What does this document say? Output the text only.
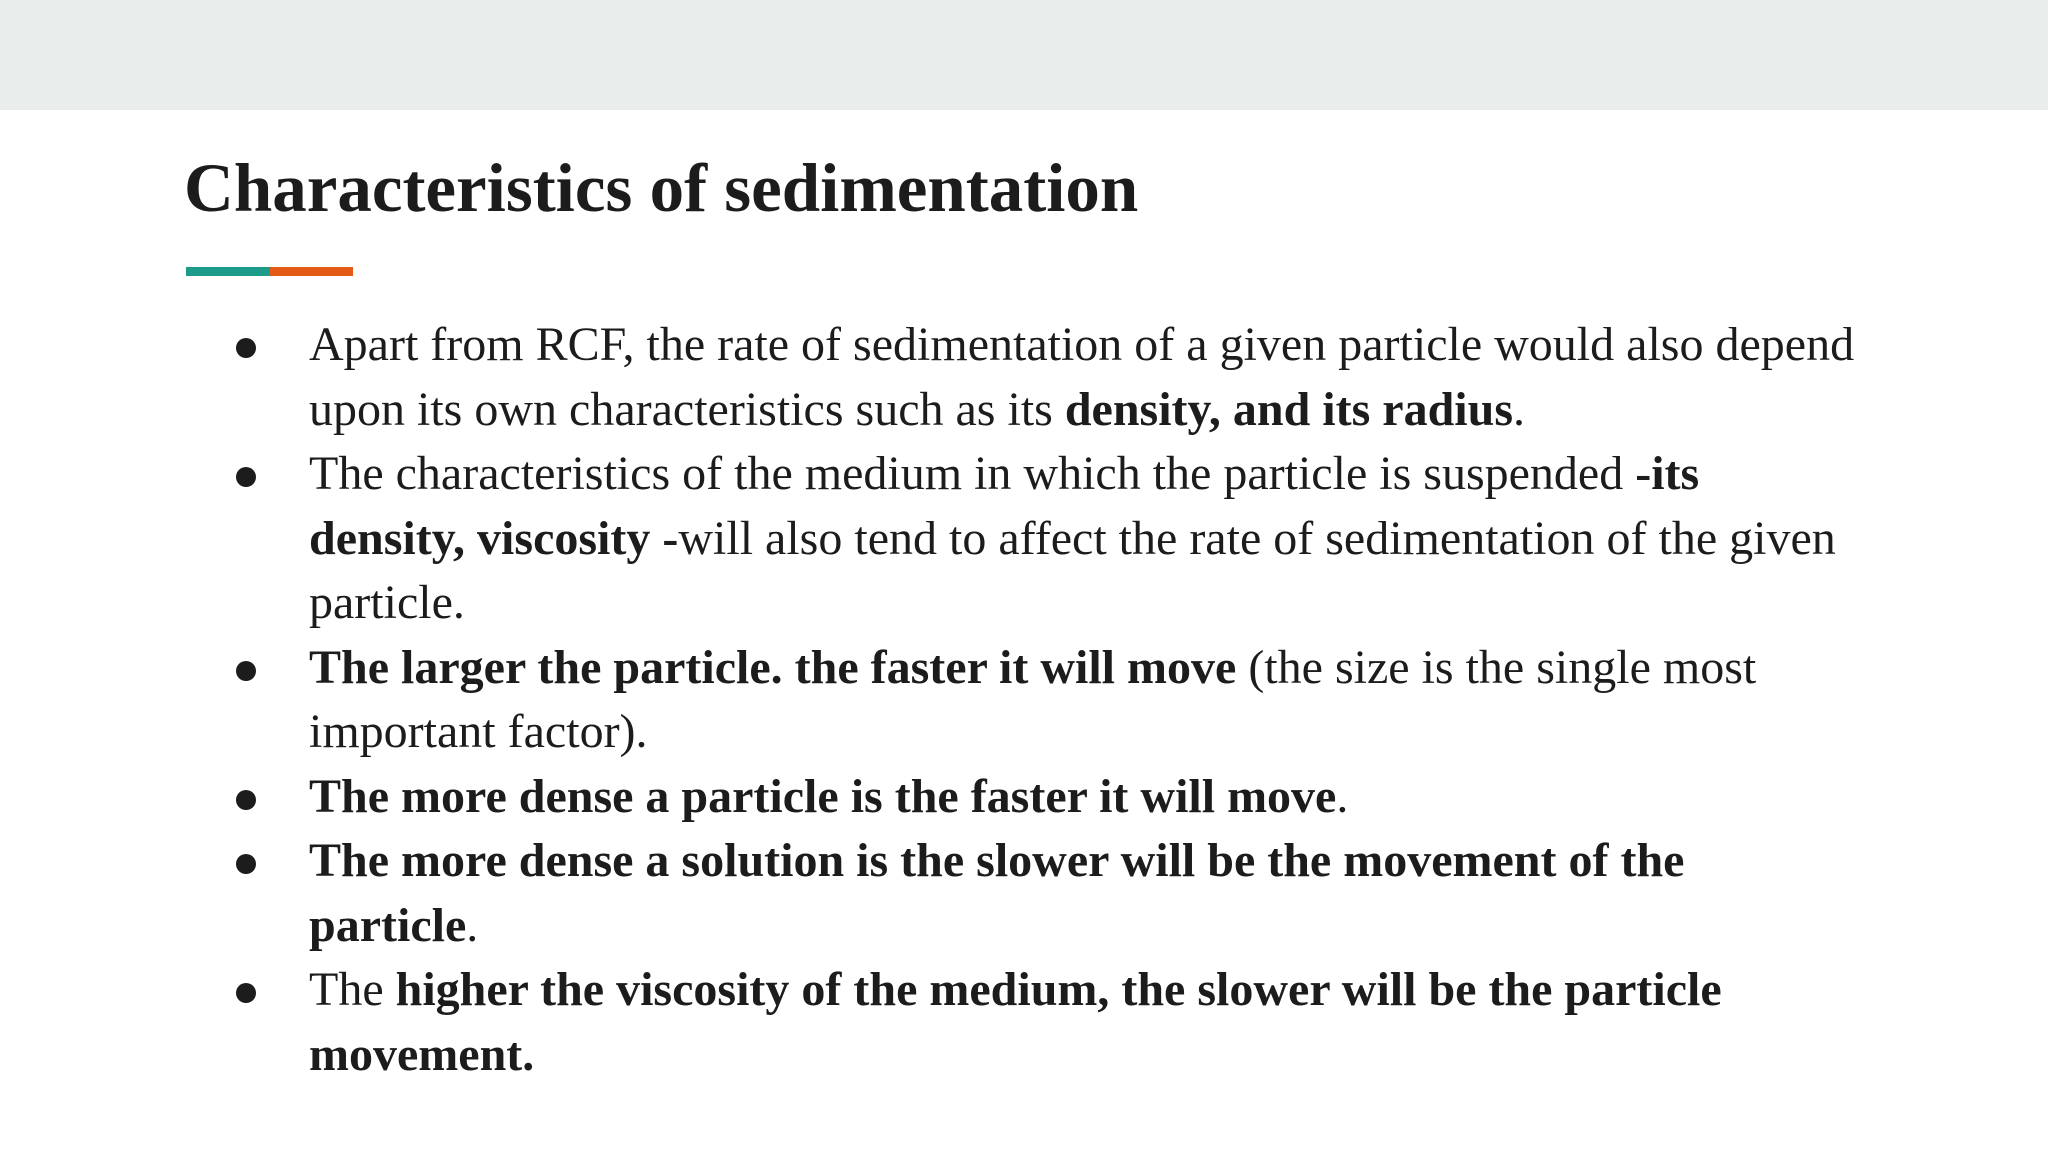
Characteristics of sedimentation
Apart from RCF, the rate of sedimentation of a given particle would also depend
upon its own characteristics such as its density, and its radius.
The characteristics of the medium in which the particle is suspended -its
density, viscosity -will also tend to affect the rate of sedimentation of the given
particle.
The larger the particle. the faster it will move (the size is the single most
important factor).
The more dense a particle is the faster it will move.
The more dense a solution is the slower will be the movement of the
particle.
The higher the viscosity of the medium, the slower will be the particle
movement.
